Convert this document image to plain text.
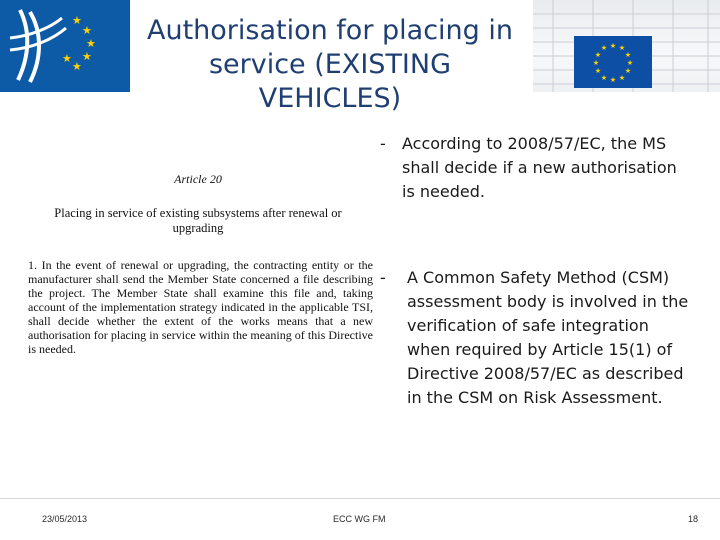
★
★
★
★
★
★
Authorisation for placing in
service (EXISTING VEHICLES)
★ ★
★
★
★
★
★
★
★
★
★
★
Article 20
Placing in service of existing subsystems after renewal or
upgrading
1. In the event of renewal or upgrading, the contracting entity or the manufacturer shall send the Member State concerned a file describing the project. The Member State shall examine this file and, taking account of the implementation strategy indicated in the applicable TSI, shall decide whether the extent of the works means that a new authorisation for placing in service within the meaning of this Directive is needed.
- According to 2008/57/EC, the MS shall decide if a new authorisation is needed.
- A Common Safety Method (CSM) assessment body is involved in the verification of safe integration when required by Article 15(1) of Directive 2008/57/EC as described in the CSM on Risk Assessment.
23/05/2013	ECC WG FM	18
